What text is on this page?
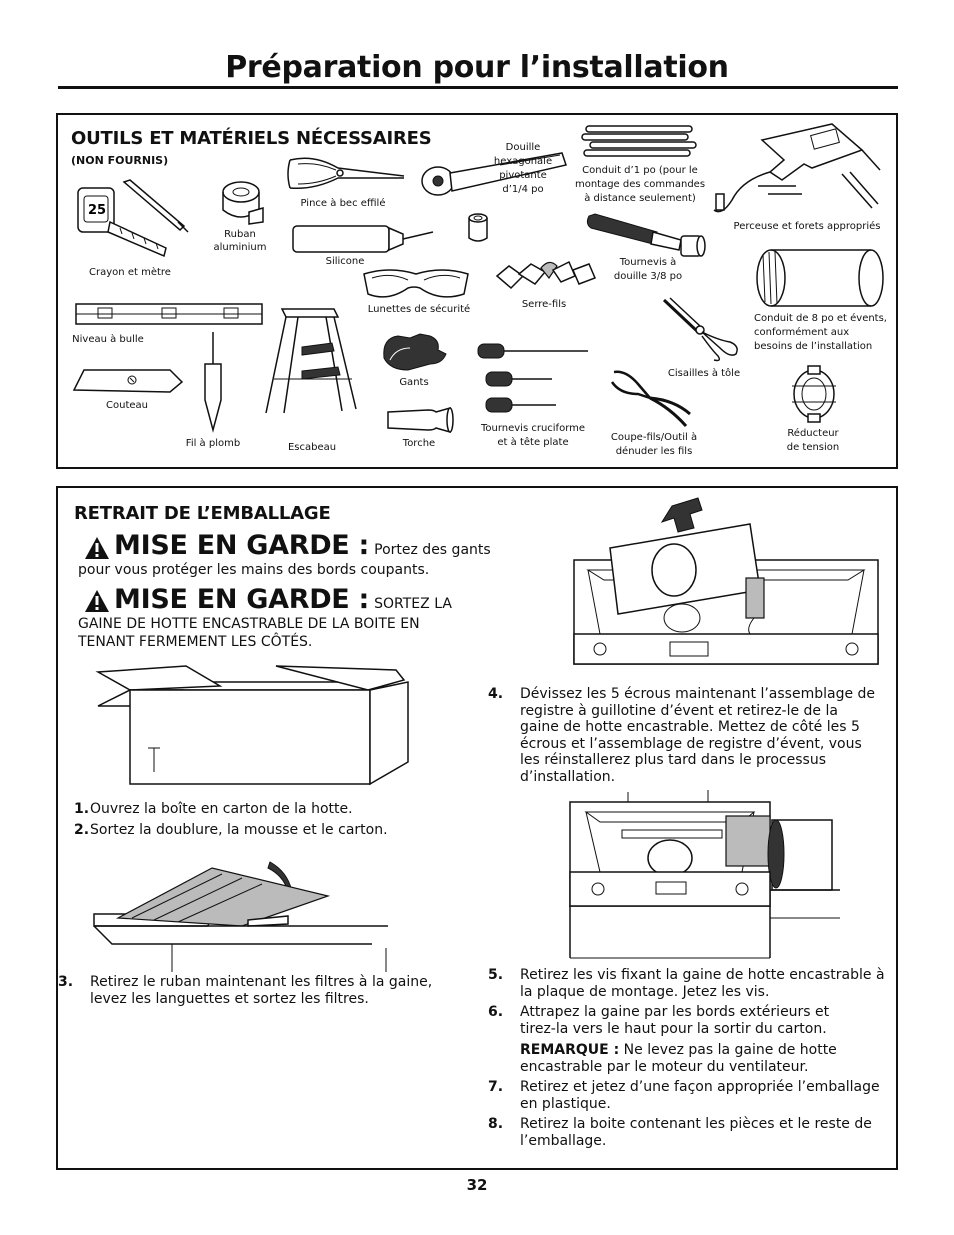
Préparation pour l’installation
OUTILS ET MATÉRIELS NÉCESSAIRES
(NON FOURNIS)
25
Crayon et mètre
Ruban
aluminium
Pince à bec effilé
Silicone
Douille
hexagonale
pivotante
d’1/4 po
Conduit d’1 po (pour le
montage des commandes
à distance seulement)
Perceuse et forets appropriés
Tournevis à
douille 3/8 po
Lunettes de sécurité	Serre-fils
Conduit de 8 po et évents,
conformément aux
besoins de l’installation
Niveau à bulle
Escabeau
Gants
Tournevis cruciforme
et à tête plate
Cisailles à tôle
Couteau
Fil à plomb	Torche
Coupe-fils/Outil à
dénuder les fils
Réducteur
de tension
RETRAIT DE L’EMBALLAGE
MISE EN GARDE : Portez des gants
pour vous protéger les mains des bords coupants.
MISE EN GARDE : SORTEZ LA
GAINE DE HOTTE ENCASTRABLE DE LA BOITE EN
TENANT FERMEMENT LES CÔTÉS.
1.Ouvrez la boîte en carton de la hotte.
2.Sortez la doublure, la mousse et le carton.
3. Retirez le ruban maintenant les filtres à la gaine, levez les languettes et sortez les filtres.
4. Dévissez les 5 écrous maintenant l’assemblage de registre à guillotine d’évent et retirez-le de la gaine de hotte encastrable. Mettez de côté les 5 écrous et l’assemblage de registre d’évent, vous les réinstallerez plus tard dans le processus d’installation.
5. Retirez les vis fixant la gaine de hotte encastrable à la plaque de montage. Jetez les vis.
6. Attrapez la gaine par les bords extérieurs et tirez-la vers le haut pour la sortir du carton.
REMARQUE : Ne levez pas la gaine de hotte encastrable par le moteur du ventilateur.
7. Retirez et jetez d’une façon appropriée l’emballage en plastique.
8. Retirez la boite contenant les pièces et le reste de l’emballage.
32
